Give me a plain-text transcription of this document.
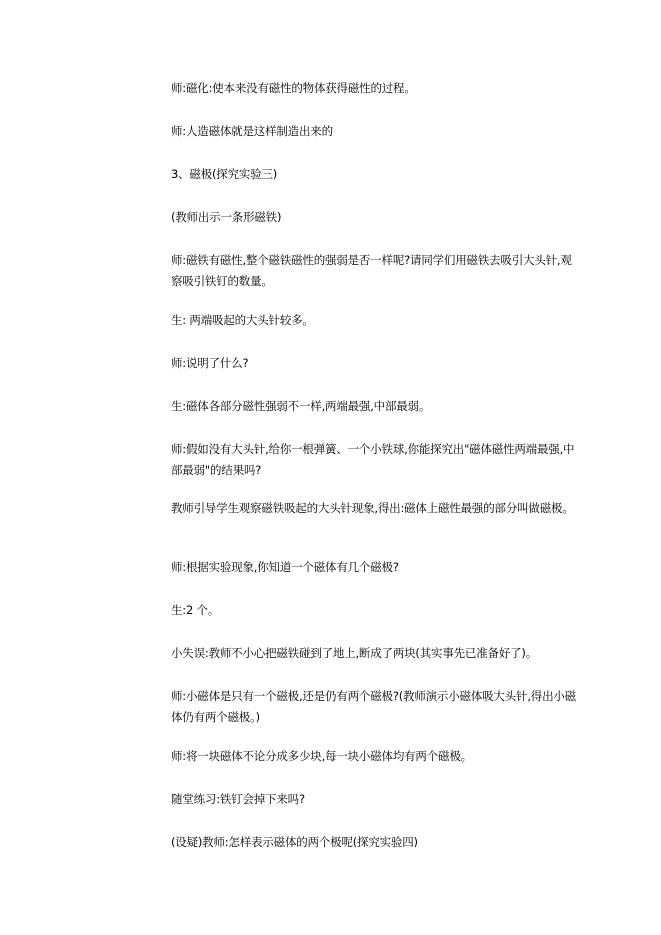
师:磁化:使本来没有磁性的物体获得磁性的过程。

师:人造磁体就是这样制造出来的

3、磁极(探究实验三)

(教师出示一条形磁铁)

师:磁铁有磁性,整个磁铁磁性的强弱是否一样呢?请同学们用磁铁去吸引大头针,观察吸引铁钉的数量。

生: 两端吸起的大头针较多。

师:说明了什么?

生:磁体各部分磁性强弱不一样,两端最强,中部最弱。

师:假如没有大头针,给你一根弹簧、一个小铁球,你能探究出"磁体磁性两端最强,中部最弱"的结果吗?

教师引导学生观察磁铁吸起的大头针现象,得出:磁体上磁性最强的部分叫做磁极。

师:根据实验现象,你知道一个磁体有几个磁极?

生:2 个。

小失误:教师不小心把磁铁碰到了地上,断成了两块(其实事先已准备好了)。

师:小磁体是只有一个磁极,还是仍有两个磁极?(教师演示小磁体吸大头针,得出小磁体仍有两个磁极。)

师:将一块磁体不论分成多少块,每一块小磁体均有两个磁极。

随堂练习:铁钉会掉下来吗?

(设疑)教师:怎样表示磁体的两个极呢(探究实验四)
